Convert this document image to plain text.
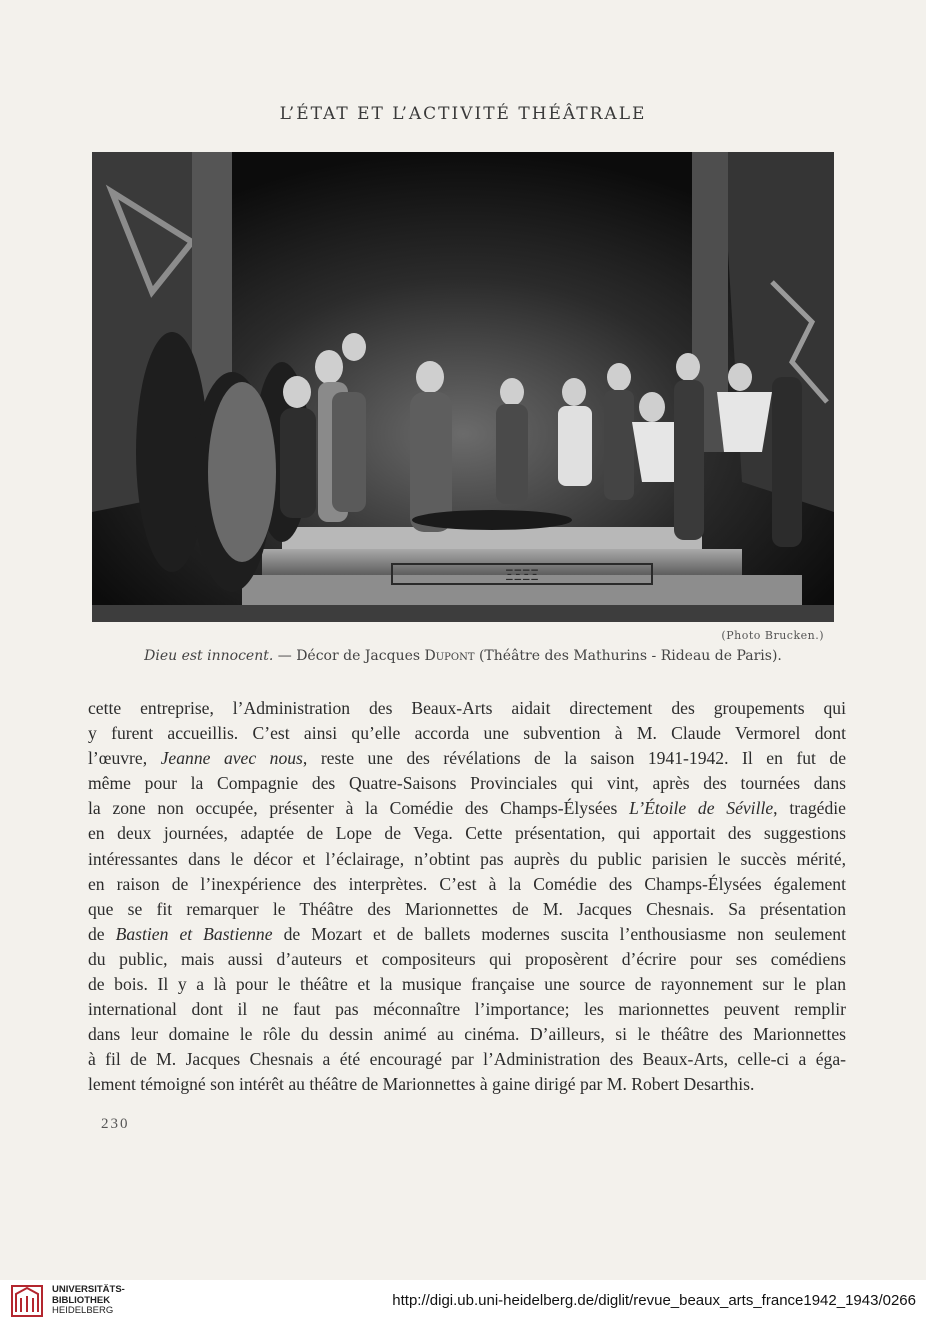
L’ÉTAT ET L’ACTIVITÉ THÉÂTRALE
ΞΞΞΞ
(Photo Brucken.)
Dieu est innocent. — Décor de Jacques Dupont (Théâtre des Mathurins - Rideau de Paris).
cette entreprise, l’Administration des Beaux-Arts aidait directement des groupements qui
y furent accueillis. C’est ainsi qu’elle accorda une subvention à M. Claude Vermorel dont
l’œuvre, Jeanne avec nous, reste une des révélations de la saison 1941-1942. Il en fut de
même pour la Compagnie des Quatre-Saisons Provinciales qui vint, après des tournées dans
la zone non occupée, présenter à la Comédie des Champs-Élysées L’Étoile de Séville, tragédie
en deux journées, adaptée de Lope de Vega. Cette présentation, qui apportait des suggestions
intéressantes dans le décor et l’éclairage, n’obtint pas auprès du public parisien le succès mérité,
en raison de l’inexpérience des interprètes. C’est à la Comédie des Champs-Élysées également
que se fit remarquer le Théâtre des Marionnettes de M. Jacques Chesnais. Sa présentation
de Bastien et Bastienne de Mozart et de ballets modernes suscita l’enthousiasme non seulement
du public, mais aussi d’auteurs et compositeurs qui proposèrent d’écrire pour ses comédiens
de bois. Il y a là pour le théâtre et la musique française une source de rayonnement sur le plan
international dont il ne faut pas méconnaître l’importance; les marionnettes peuvent remplir
dans leur domaine le rôle du dessin animé au cinéma. D’ailleurs, si le théâtre des Marionnettes
à fil de M. Jacques Chesnais a été encouragé par l’Administration des Beaux-Arts, celle-ci a éga-
lement témoigné son intérêt au théâtre de Marionnettes à gaine dirigé par M. Robert Desarthis.
230
UNIVERSITÄTS-
BIBLIOTHEK
HEIDELBERG
http://digi.ub.uni-heidelberg.de/diglit/revue_beaux_arts_france1942_1943/0266
